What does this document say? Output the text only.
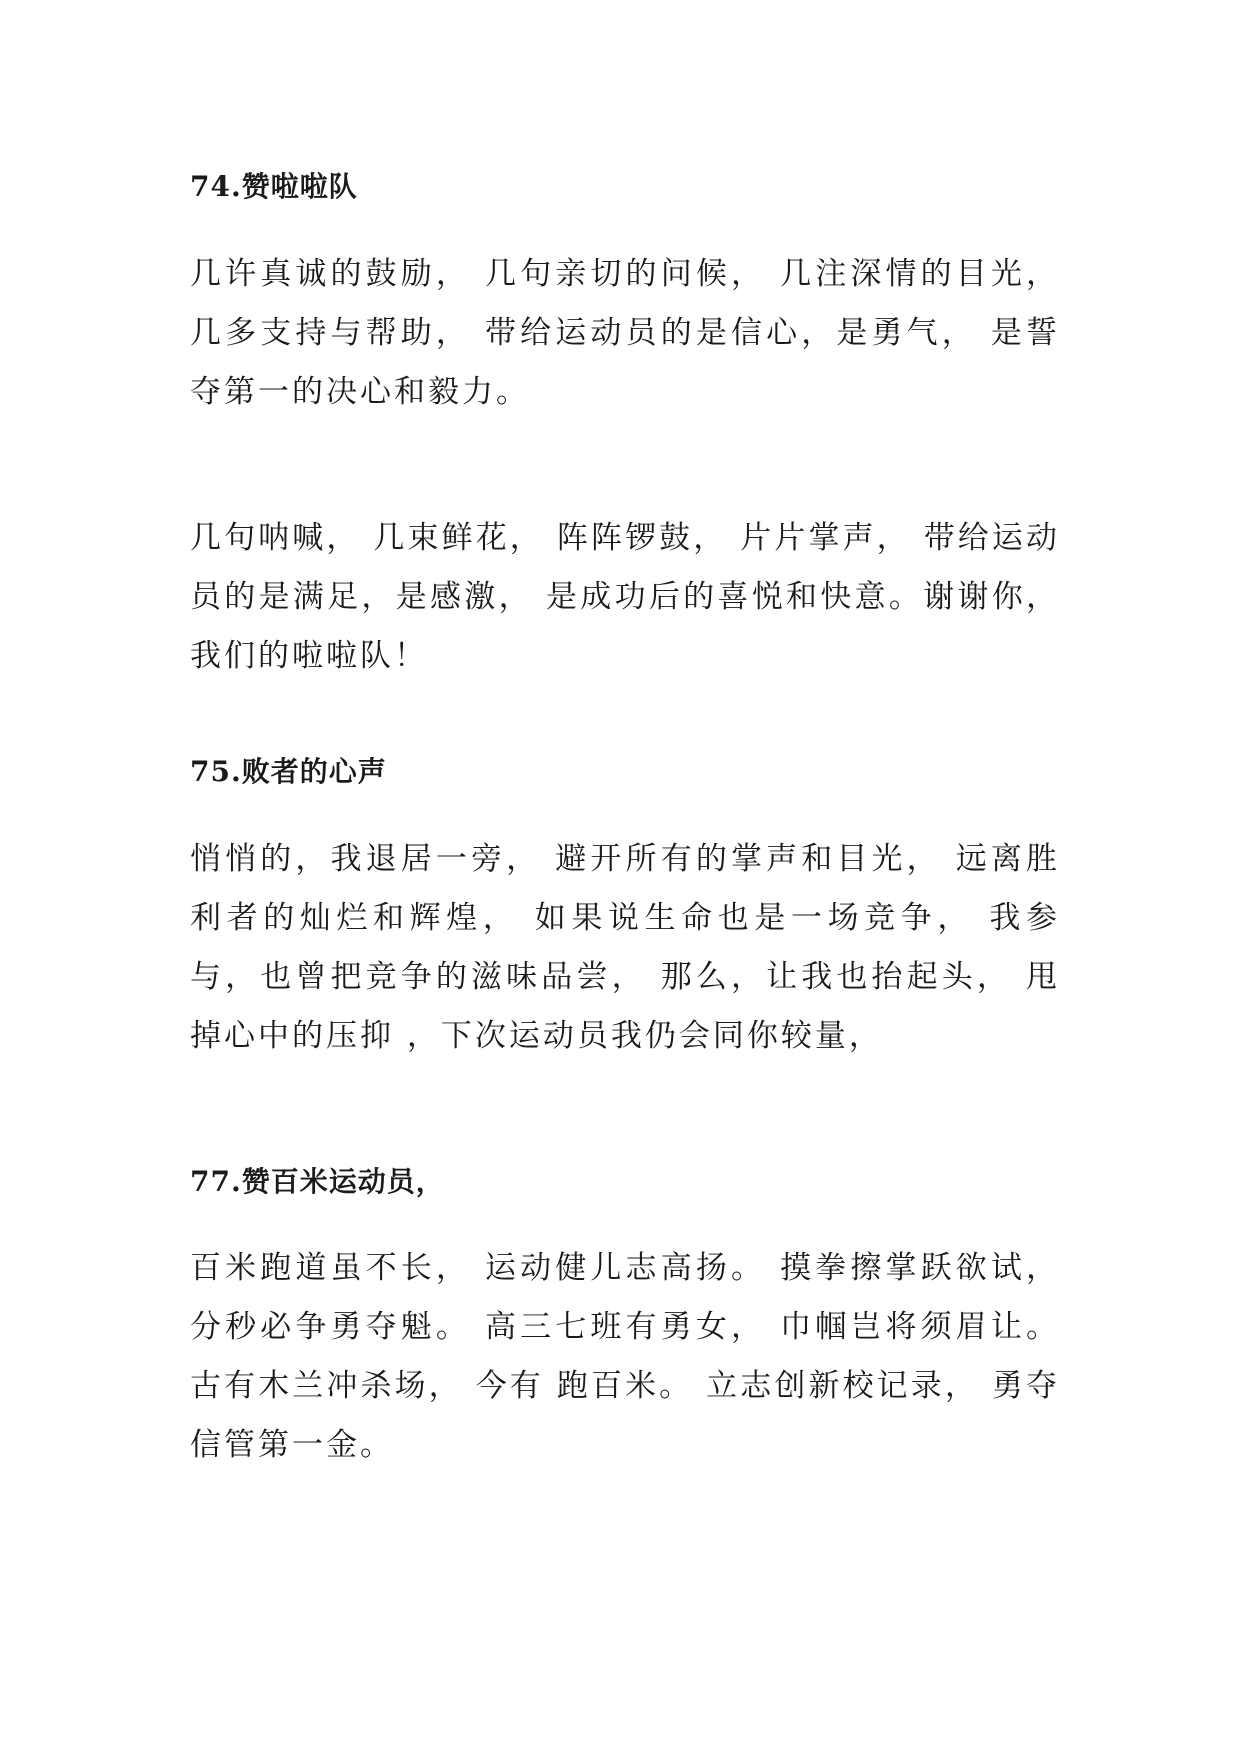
74.赞啦啦队

几许真诚的鼓励， 几句亲切的问候， 几注深情的目光，几多支持与帮助， 带给运动员的是信心，是勇气， 是誓夺第一的决心和毅力。

几句呐喊， 几束鲜花， 阵阵锣鼓， 片片掌声， 带给运动员的是满足，是感激， 是成功后的喜悦和快意。谢谢你，我们的啦啦队！

75.败者的心声

悄悄的，我退居一旁， 避开所有的掌声和目光， 远离胜利者的灿烂和辉煌， 如果说生命也是一场竞争， 我参与，也曾把竞争的滋味品尝， 那么，让我也抬起头， 甩掉心中的压抑 ，下次运动员我仍会同你较量，

77.赞百米运动员，

百米跑道虽不长， 运动健儿志高扬。 摸拳擦掌跃欲试，分秒必争勇夺魁。 高三七班有勇女， 巾帼岂将须眉让。古有木兰冲杀场， 今有 跑百米。 立志创新校记录， 勇夺信管第一金。
